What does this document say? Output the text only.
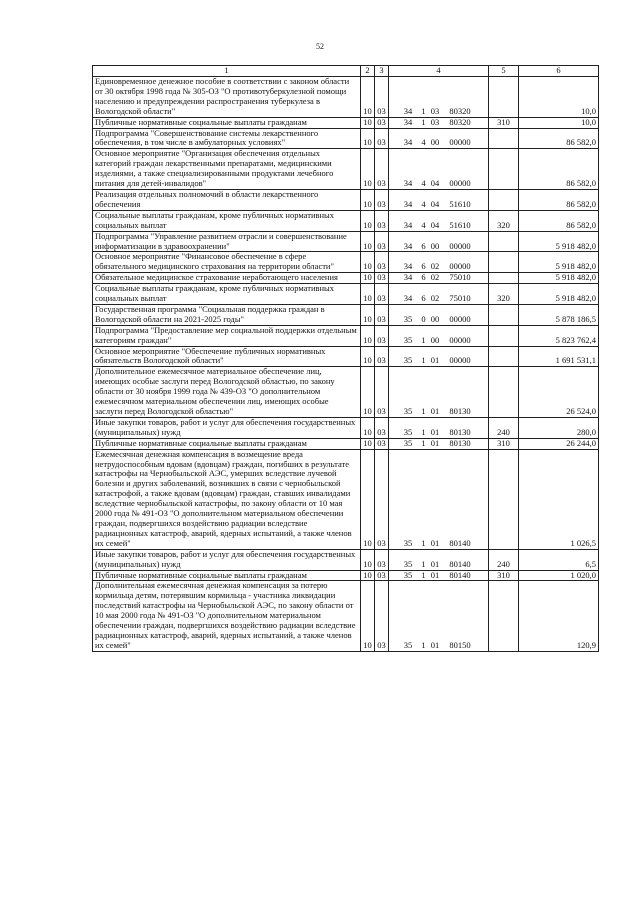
52
1	2	3	4	5	6
Единовременное денежное пособие в соответствии с законом области от 30 октября 1998 года № 305-ОЗ "О противотуберкулезной помощи населению и предупреждении распространения туберкулеза в Вологодской области"	10	03	34 1 03 80320		10,0
Публичные нормативные социальные выплаты гражданам	10	03	34 1 03 80320	310	10,0
Подпрограмма "Совершенствование системы лекарственного обеспечения, в том числе в амбулаторных условиях"	10	03	34 4 00 00000		86 582,0
Основное мероприятие "Организация обеспечения отдельных категорий граждан лекарственными препаратами, медицинскими изделиями, а также специализированными продуктами лечебного питания для детей-инвалидов"	10	03	34 4 04 00000		86 582,0
Реализация отдельных полномочий в области лекарственного обеспечения	10	03	34 4 04 51610		86 582,0
Социальные выплаты гражданам, кроме публичных нормативных социальных выплат	10	03	34 4 04 51610	320	86 582,0
Подпрограмма "Управление развитием отрасли и совершенствование информатизации в здравоохранении"	10	03	34 6 00 00000		5 918 482,0
Основное мероприятие "Финансовое обеспечение в сфере обязательного медицинского страхования на территории области"	10	03	34 6 02 00000		5 918 482,0
Обязательное медицинское страхование неработающего населения	10	03	34 6 02 75010		5 918 482,0
Социальные выплаты гражданам, кроме публичных нормативных социальных выплат	10	03	34 6 02 75010	320	5 918 482,0
Государственная программа "Социальная поддержка граждан в Вологодской области на 2021-2025 годы"	10	03	35 0 00 00000		5 878 186,5
Подпрограмма "Предоставление мер социальной поддержки отдельным категориям граждан"	10	03	35 1 00 00000		5 823 762,4
Основное мероприятие "Обеспечение публичных нормативных обязательств Вологодской области"	10	03	35 1 01 00000		1 691 531,1
Дополнительное ежемесячное материальное обеспечение лиц, имеющих особые заслуги перед Вологодской областью, по закону области от 30 ноября 1999 года № 439-ОЗ "О дополнительном ежемесячном материальном обеспечении лиц, имеющих особые заслуги перед Вологодской областью"	10	03	35 1 01 80130		26 524,0
Иные закупки товаров, работ и услуг для обеспечения государственных (муниципальных) нужд	10	03	35 1 01 80130	240	280,0
Публичные нормативные социальные выплаты гражданам	10	03	35 1 01 80130	310	26 244,0
Ежемесячная денежная компенсация в возмещение вреда нетрудоспособным вдовам (вдовцам) граждан, погибших в результате катастрофы на Чернобыльской АЭС, умерших вследствие лучевой болезни и других заболеваний, возникших в связи с чернобыльской катастрофой, а также вдовам (вдовцам) граждан, ставших инвалидами вследствие чернобыльской катастрофы, по закону области от 10 мая 2000 года № 491-ОЗ "О дополнительном материальном обеспечении граждан, подвергшихся воздействию радиации вследствие радиационных катастроф, аварий, ядерных испытаний, а также членов их семей"	10	03	35 1 01 80140		1 026,5
Иные закупки товаров, работ и услуг для обеспечения государственных (муниципальных) нужд	10	03	35 1 01 80140	240	6,5
Публичные нормативные социальные выплаты гражданам	10	03	35 1 01 80140	310	1 020,0
Дополнительная ежемесячная денежная компенсация за потерю кормильца детям, потерявшим кормильца - участника ликвидации последствий катастрофы на Чернобыльской АЭС, по закону области от 10 мая 2000 года № 491-ОЗ "О дополнительном материальном обеспечении граждан, подвергшихся воздействию радиации вследствие радиационных катастроф, аварий, ядерных испытаний, а также членов их семей"	10	03	35 1 01 80150		120,9
